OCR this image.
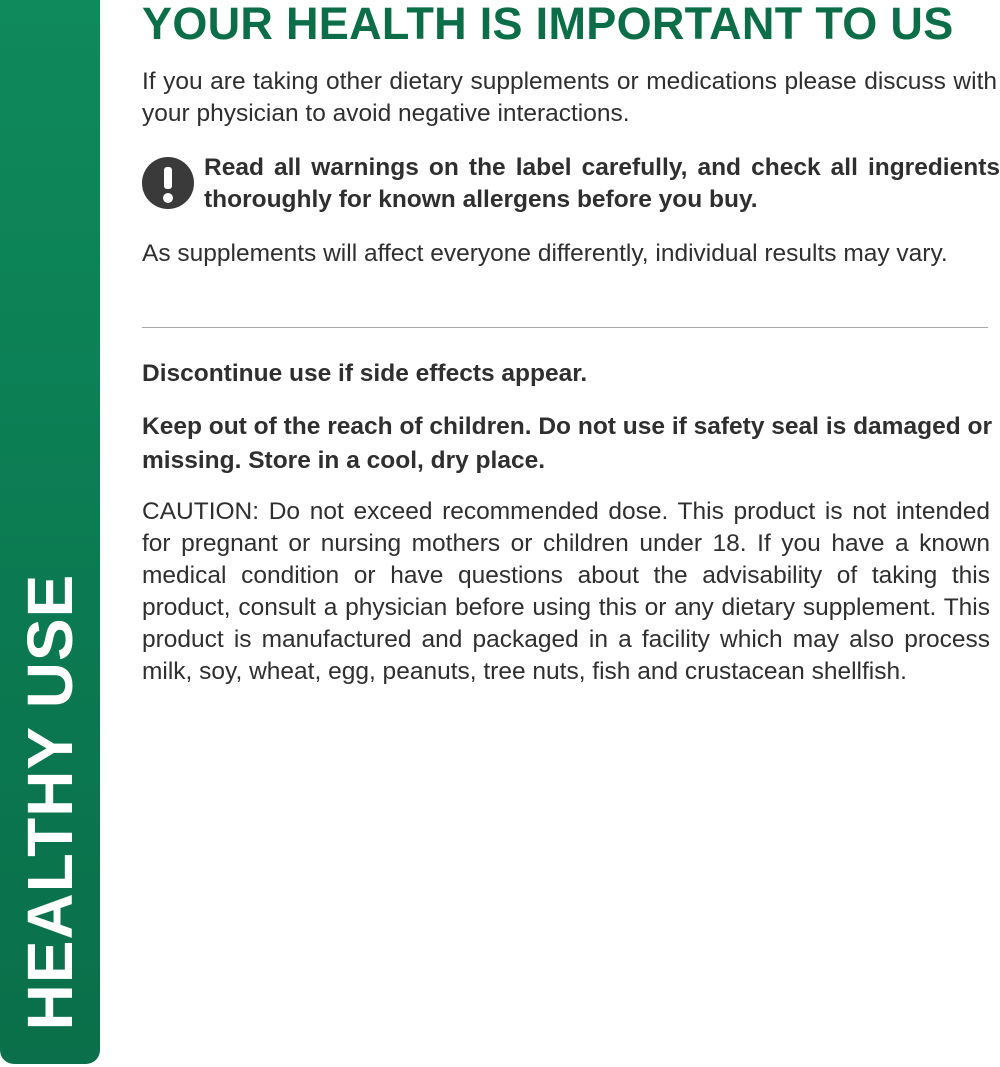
HEALTHY USE
YOUR HEALTH IS IMPORTANT TO US

If you are taking other dietary supplements or medications please discuss with your physician to avoid negative interactions.

Read all warnings on the label carefully, and check all ingredients thoroughly for known allergens before you buy.

As supplements will affect everyone differently, individual results may vary.

Discontinue use if side effects appear.

Keep out of the reach of children. Do not use if safety seal is damaged or missing. Store in a cool, dry place.

CAUTION: Do not exceed recommended dose. This product is not intended for pregnant or nursing mothers or children under 18. If you have a known medical condition or have questions about the advisability of taking this product, consult a physician before using this or any dietary supplement. This product is manufactured and packaged in a facility which may also process milk, soy, wheat, egg, peanuts, tree nuts, fish and crustacean shellfish.
